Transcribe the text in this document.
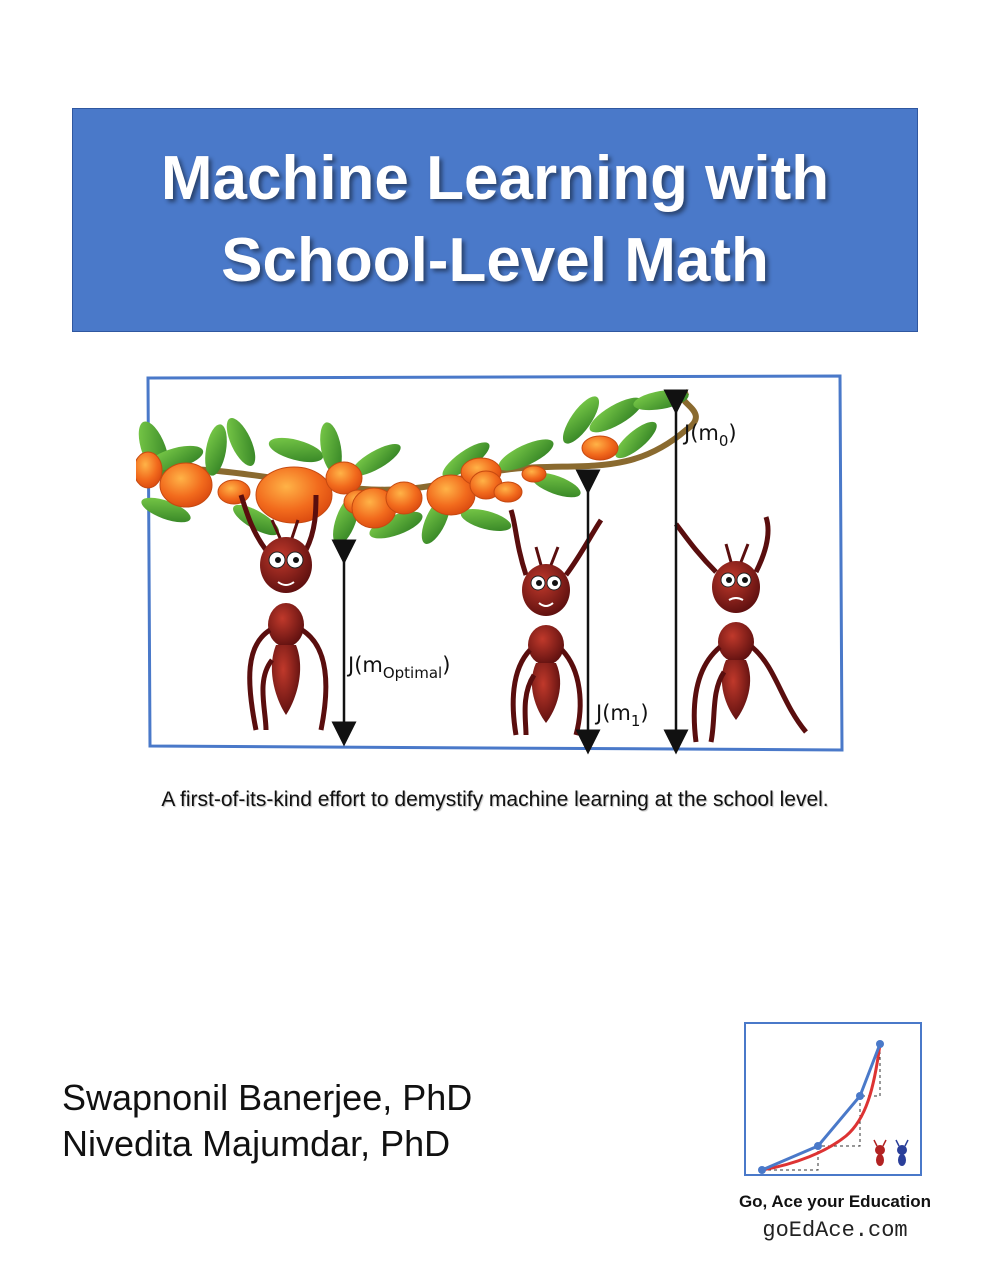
Machine Learning with
School-Level Math
$J(m_0)$
$J(m_{Optimal})$
$J(m_1)$
A first-of-its-kind effort to demystify machine learning at the school level.
Swapnonil Banerjee, PhD
Nivedita Majumdar, PhD
Go, Ace your Education
goEdAce.com
